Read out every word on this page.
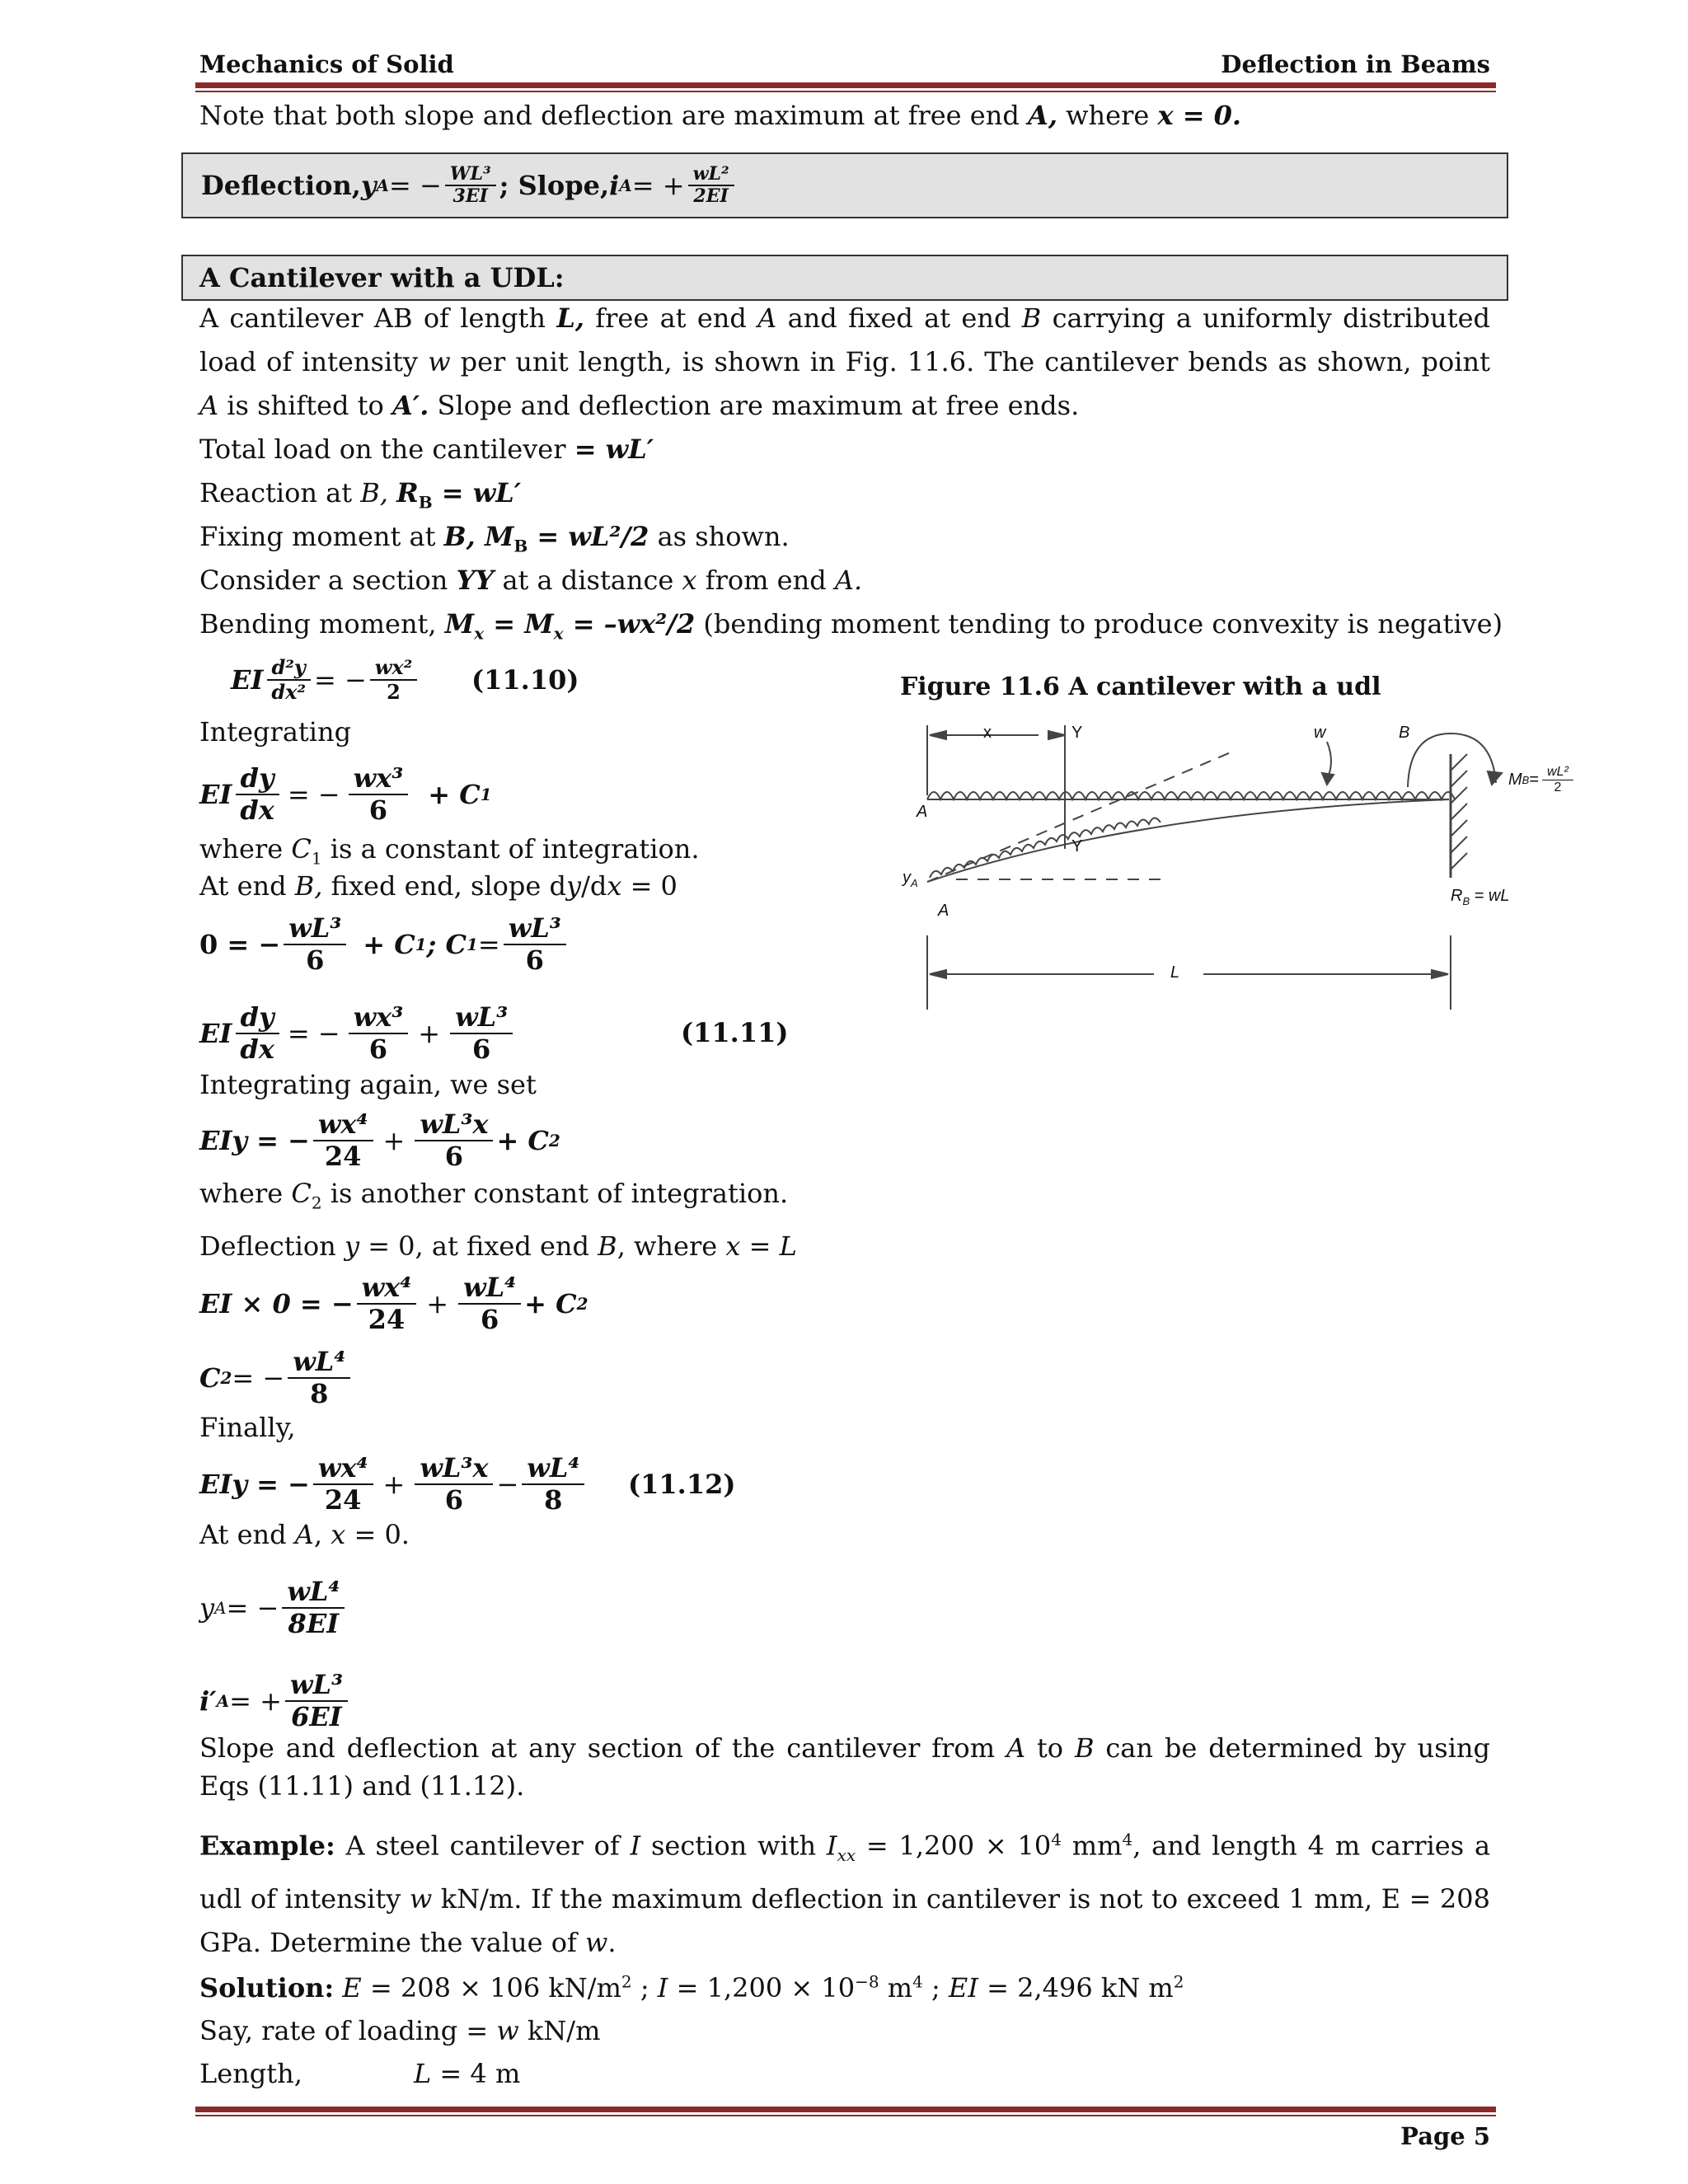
Mechanics of Solid	Deflection in Beams
Note that both slope and deflection are maximum at free end A, where x = 0.
Deflection, y A = − $\frac{\text{WL³}}{3EI}$ ; Slope, i A = + $\frac{\text{wL²}}{2EI}$
A Cantilever with a UDL:
A cantilever AB of length L, free at end A and fixed at end B carrying a uniformly distributed load of intensity w per unit length, is shown in Fig. 11.6. The cantilever bends as shown, point A is shifted to A′. Slope and deflection are maximum at free ends.
Total load on the cantilever = wL′
Reaction at B, $R_B = wL'$
Fixing moment at B, $M_B = wL^2/2$ as shown.
Consider a section YY at a distance x from end A.
Bending moment, $M_x = M_x = -wx^2/2$ (bending moment tending to produce convexity is negative)
EI $\frac{\text{d²y}}{\text{dx²}}$ = − $\frac{\text{wx²}}{2} (11.10)$
Integrating
EI $\frac{dy}{dx}$ = − $\frac{\text{wx³}}{6} + C$ 1
where $C_1$ is a constant of integration.
At end B, fixed end, slope dy/dx = 0
0 = − $\frac{\text{wL³}}{6} + C$ 1 ; C $1 = \frac{\text{wL³}}{6}$
EI $\frac{dy}{dx}$ = − $\frac{\text{wx³}}{6} + \frac{\text{wL³}}{6}$	(11.11)
Integrating again, we set
EIy = − $\frac{\text{wx⁴}}{24} + \frac{\text{wL³x}}{6} + C$ 2
where $C_2$ is another constant of integration.
Deflection y = 0, at fixed end B, where x = L
EI × 0 = − $\frac{\text{wx⁴}}{24} + \frac{\text{wL⁴}}{6} + C$ 2
C 2 = − $\frac{\text{wL⁴}}{8}$
Finally,
EIy = − $\frac{\text{wx⁴}}{24} + \frac{\text{wL³x}}{6} - \frac{\text{wL⁴}}{8} (11.12)$
At end A, x = 0.
y A = − $\frac{\text{wL⁴}}{8EI}$
i′ A = + $\frac{\text{wL³}}{6EI}$
Slope and deflection at any section of the cantilever from A to B can be determined by using Eqs (11.11) and (11.12).
Example: A steel cantilever of I section with $I_{xx} = 1,200 \times 10^4$ $mm^4$, and length 4 m carries a udl of intensity w kN/m. If the maximum deflection in cantilever is not to exceed 1 mm, E = 208 GPa. Determine the value of w.
Solution: E = 208 × 106 $kN/m^2$ ; $I = 1,200 \times 10^{-8}$ $m^4$ ; EI = 2,496 kN $m^2$
Say, rate of loading = w kN/m
Length,	L = 4 m
Page 5
Figure 11.6 A cantilever with a udl
x	Y
Y
w	B
A
A
$y_A$
L
M $B = \frac{\text{wL²}}{2}$
$R_B$ = wL
